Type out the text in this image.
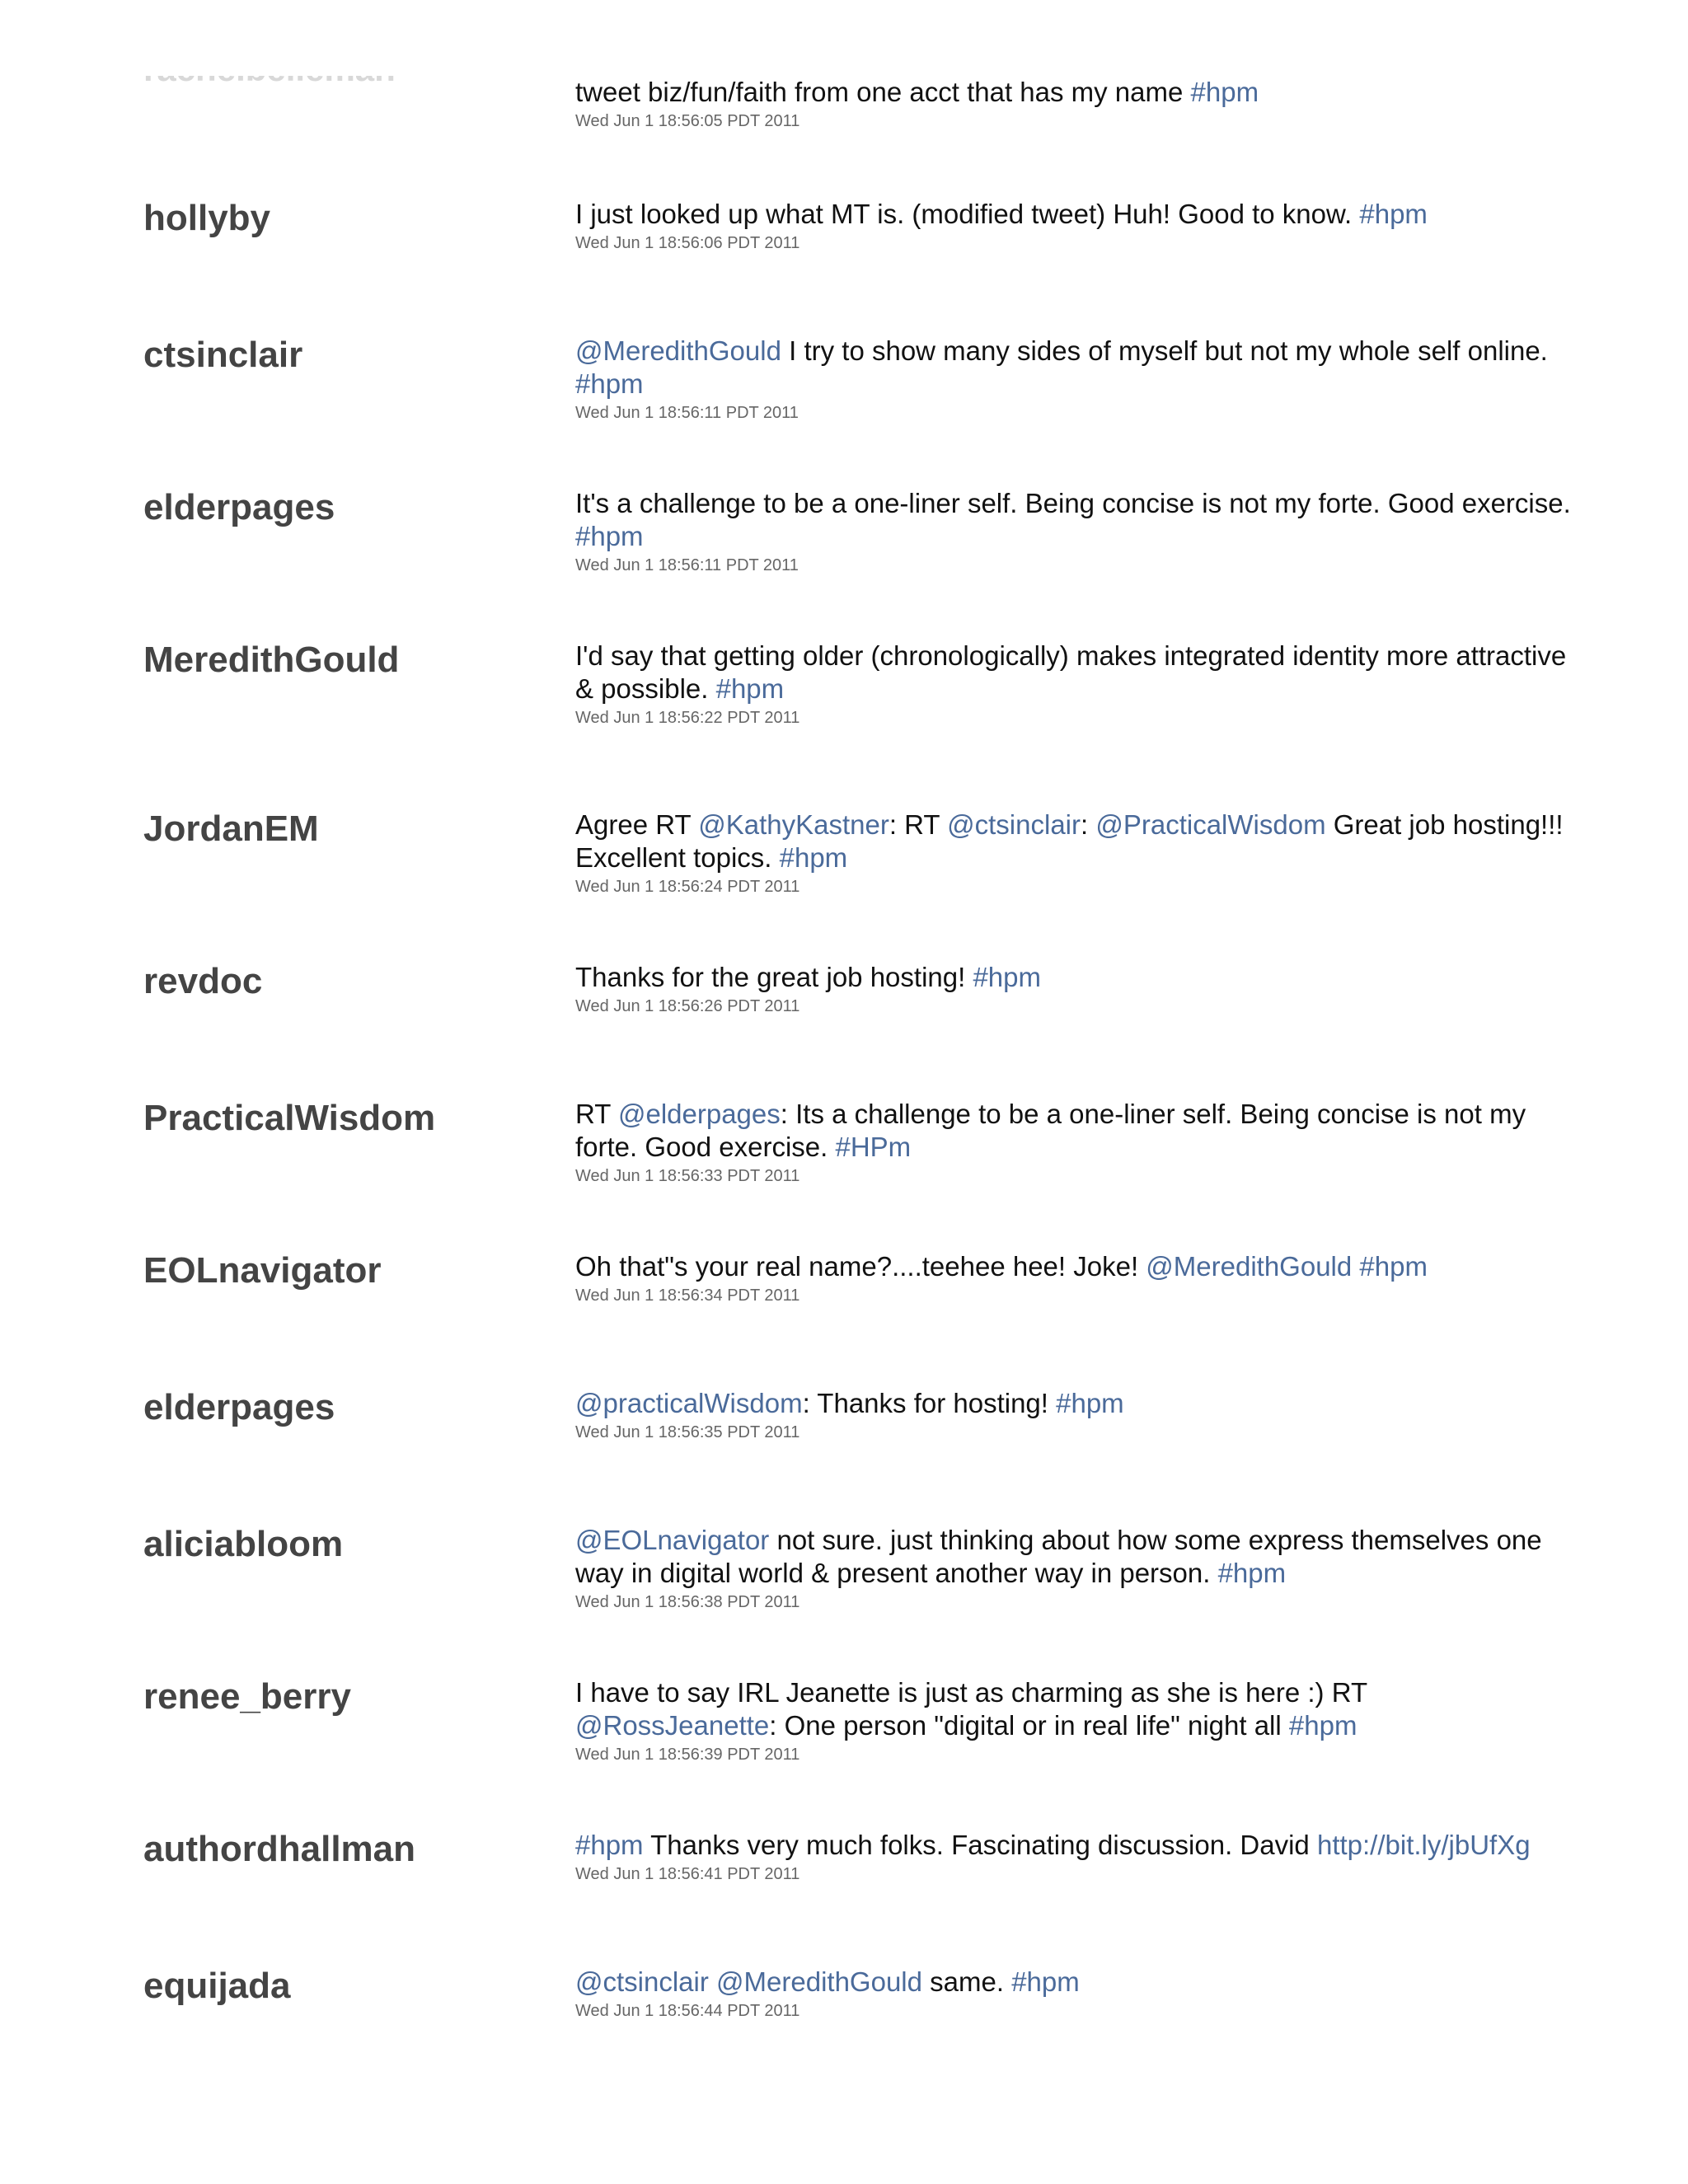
tweet biz/fun/faith from one acct that has my name #hpm
Wed Jun 1 18:56:05 PDT 2011
hollyby	I just looked up what MT is. (modified tweet) Huh! Good to know. #hpm
Wed Jun 1 18:56:06 PDT 2011
ctsinclair	@MeredithGould I try to show many sides of myself but not my whole self online. #hpm
Wed Jun 1 18:56:11 PDT 2011
elderpages	It's a challenge to be a one-liner self. Being concise is not my forte. Good exercise. #hpm
Wed Jun 1 18:56:11 PDT 2011
MeredithGould	I'd say that getting older (chronologically) makes integrated identity more attractive & possible. #hpm
Wed Jun 1 18:56:22 PDT 2011
JordanEM	Agree RT @KathyKastner: RT @ctsinclair: @PracticalWisdom Great job hosting!!! Excellent topics. #hpm
Wed Jun 1 18:56:24 PDT 2011
revdoc	Thanks for the great job hosting! #hpm
Wed Jun 1 18:56:26 PDT 2011
PracticalWisdom	RT @elderpages: Its a challenge to be a one-liner self. Being concise is not my forte. Good exercise. #HPm
Wed Jun 1 18:56:33 PDT 2011
EOLnavigator	Oh that"s your real name?....teehee hee! Joke! @MeredithGould #hpm
Wed Jun 1 18:56:34 PDT 2011
elderpages	@practicalWisdom: Thanks for hosting! #hpm
Wed Jun 1 18:56:35 PDT 2011
aliciabloom	@EOLnavigator not sure. just thinking about how some express themselves one way in digital world & present another way in person. #hpm
Wed Jun 1 18:56:38 PDT 2011
renee_berry	I have to say IRL Jeanette is just as charming as she is here :) RT @RossJeanette: One person "digital or in real life" night all #hpm
Wed Jun 1 18:56:39 PDT 2011
authordhallman	#hpm Thanks very much folks. Fascinating discussion. David http://bit.ly/jbUfXg
Wed Jun 1 18:56:41 PDT 2011
equijada	@ctsinclair @MeredithGould same. #hpm
Wed Jun 1 18:56:44 PDT 2011
